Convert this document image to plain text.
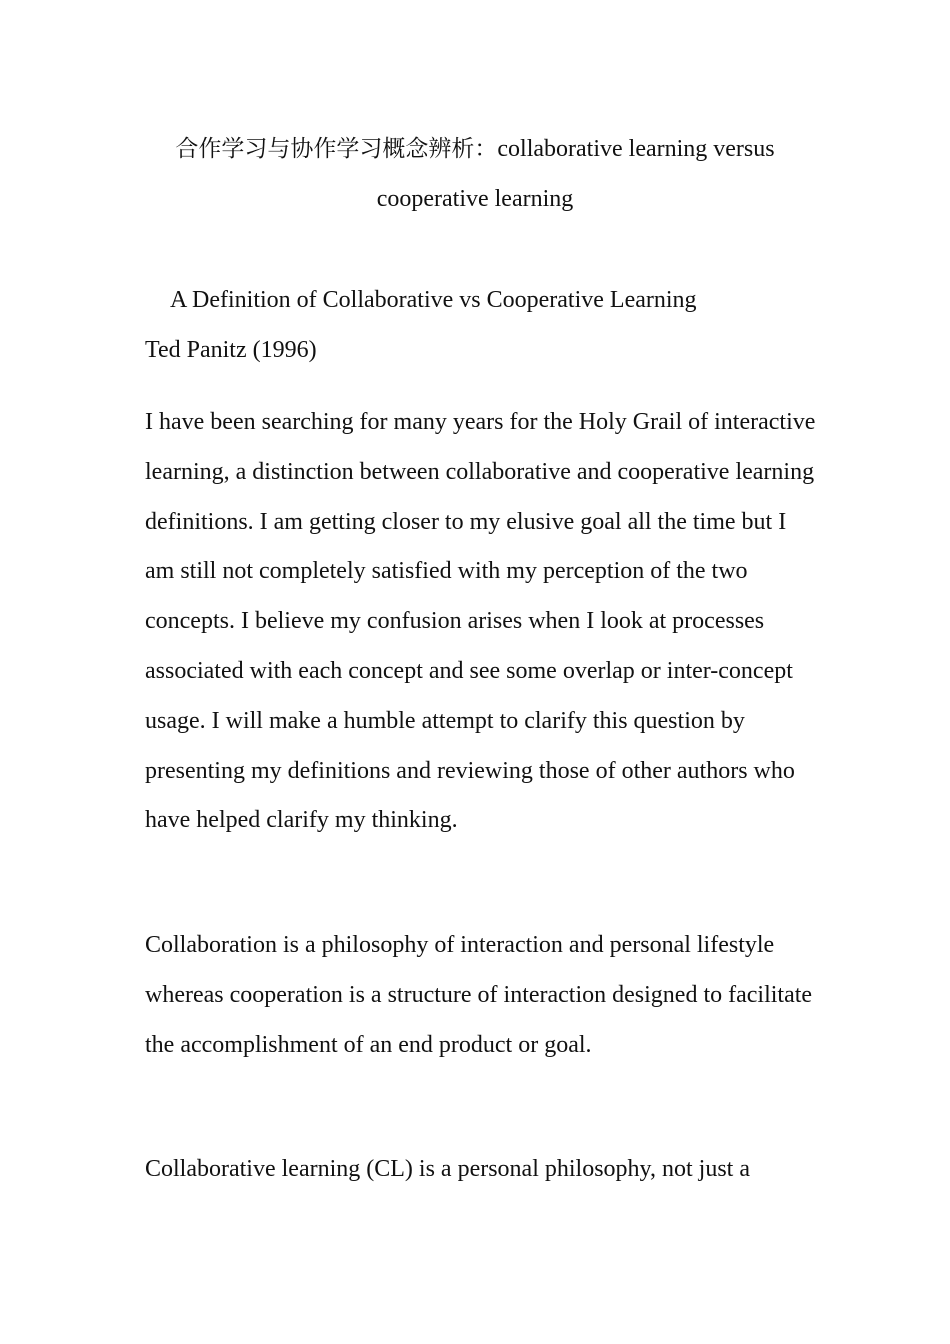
合作学习与协作学习概念辨析：collaborative learning versus cooperative learning

A Definition of Collaborative vs Cooperative Learning

Ted Panitz (1996)

I have been searching for many years for the Holy Grail of interactive learning, a distinction between collaborative and cooperative learning definitions. I am getting closer to my elusive goal all the time but I am still not completely satisfied with my perception of the two concepts. I believe my confusion arises when I look at processes associated with each concept and see some overlap or inter-concept usage. I will make a humble attempt to clarify this question by presenting my definitions and reviewing those of other authors who have helped clarify my thinking.

Collaboration is a philosophy of interaction and personal lifestyle whereas cooperation is a structure of interaction designed to facilitate the accomplishment of an end product or goal.

Collaborative learning (CL) is a personal philosophy, not just a
